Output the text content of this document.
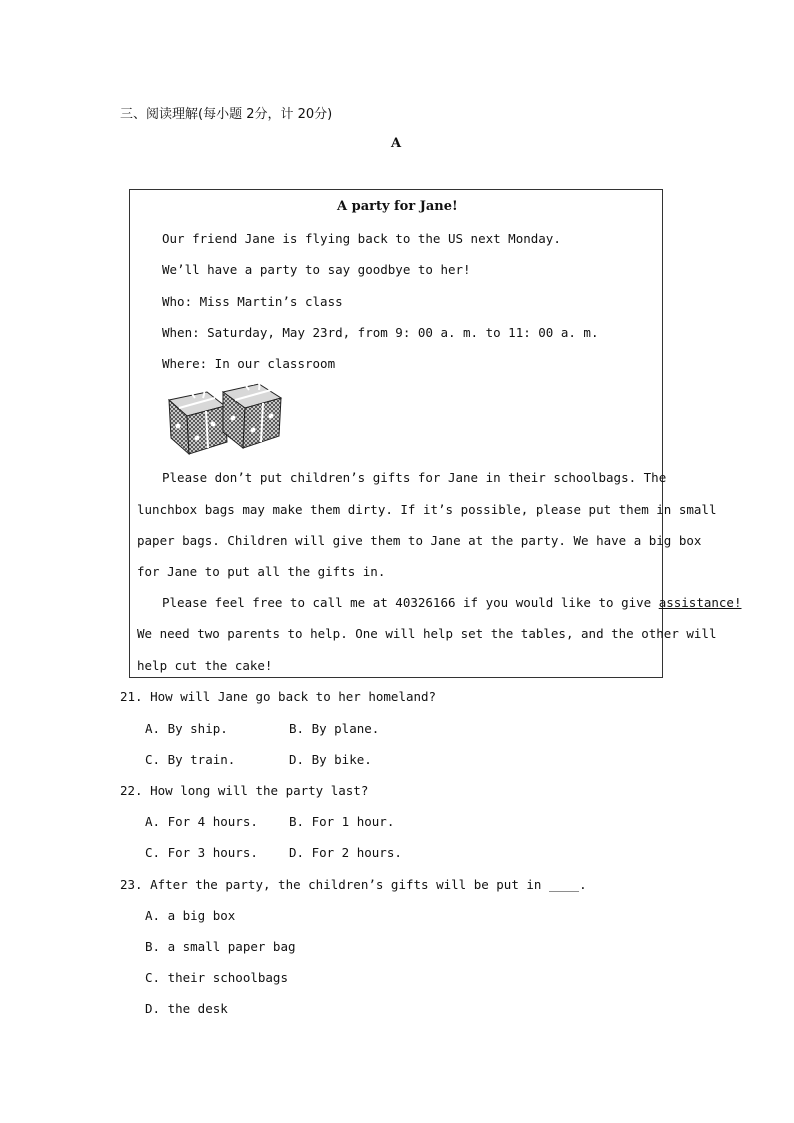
三、阅读理解(每小题 2分，计 20分)
A
A party for Jane!
Our friend Jane is flying back to the US next Monday.
We’ll have a party to say goodbye to her!
Who: Miss Martin’s class
When: Saturday, May 23rd, from 9: 00 a. m. to 11: 00 a. m.
Where: In our classroom
Please don’t put children’s gifts for Jane in their schoolbags. The
lunchbox bags may make them dirty. If it’s possible, please put them in small
paper bags. Children will give them to Jane at the party. We have a big box
for Jane to put all the gifts in.
Please feel free to call me at 40326166 if you would like to give assistance!
We need two parents to help. One will help set the tables, and the other will
help cut the cake!
21. How will Jane go back to her homeland?
A. By ship.	B. By plane.
C. By train.	D. By bike.
22. How long will the party last?
A. For 4 hours. B. For 1 hour.
C. For 3 hours. D. For 2 hours.
23. After the party, the children’s gifts will be put in ____.
A. a big box
B. a small paper bag
C. their schoolbags
D. the desk
